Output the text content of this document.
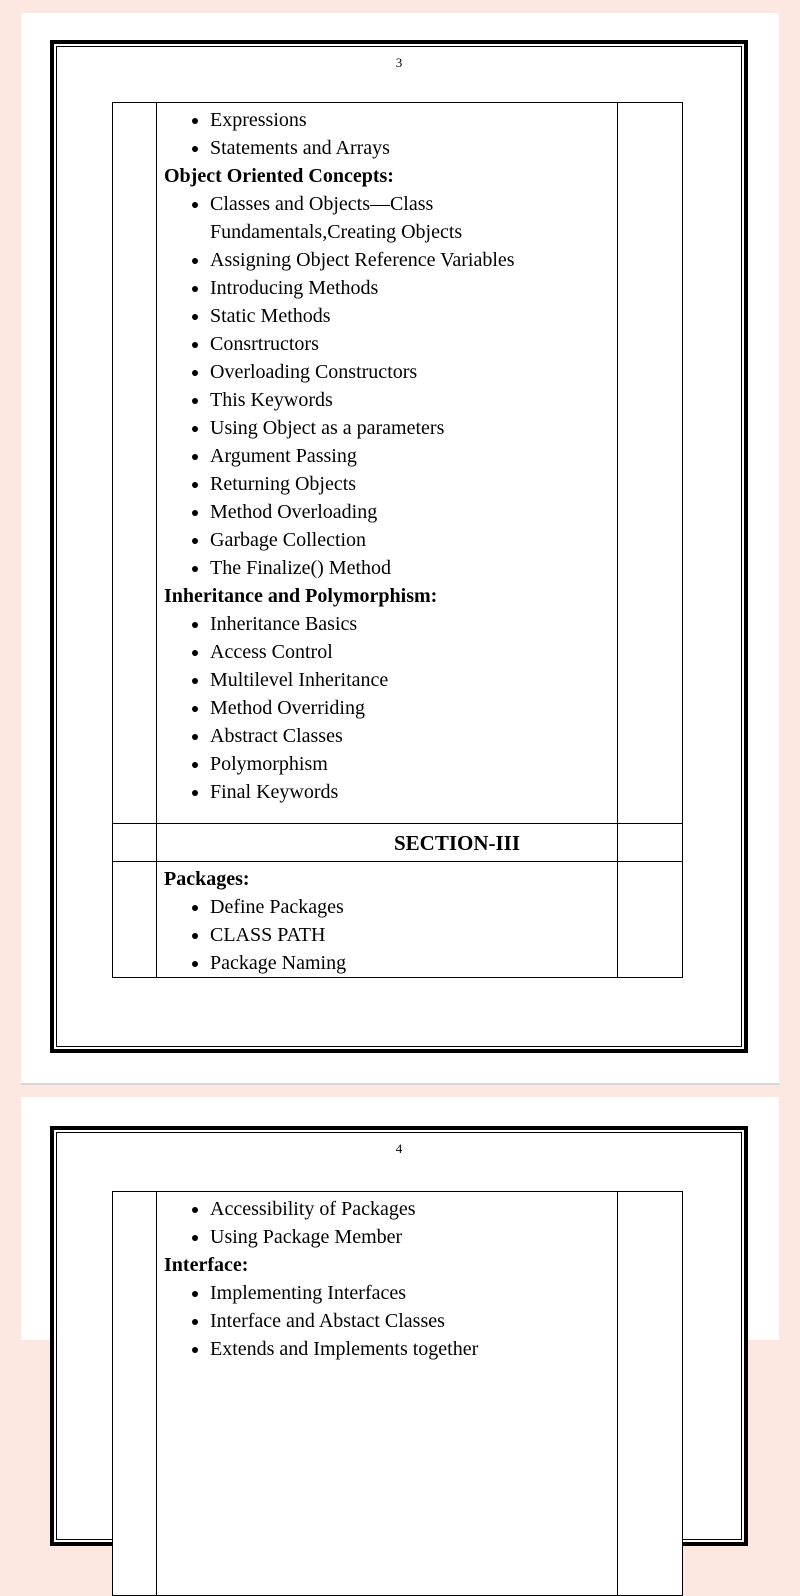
3

• Expressions
• Statements and Arrays
Object Oriented Concepts:
• Classes and Objects—Class Fundamentals,Creating Objects
• Assigning Object Reference Variables
• Introducing Methods
• Static Methods
• Consrtructors
• Overloading Constructors
• This Keywords
• Using Object as a parameters
• Argument Passing
• Returning Objects
• Method Overloading
• Garbage Collection
• The Finalize() Method
Inheritance and Polymorphism:
• Inheritance Basics
• Access Control
• Multilevel Inheritance
• Method Overriding
• Abstract Classes
• Polymorphism
• Final Keywords

	SECTION-III	

Packages:
• Define Packages
• CLASS PATH
• Package Naming

4

• Accessibility of Packages
• Using Package Member
Interface:
• Implementing Interfaces
• Interface and Abstact Classes
• Extends and Implements together
